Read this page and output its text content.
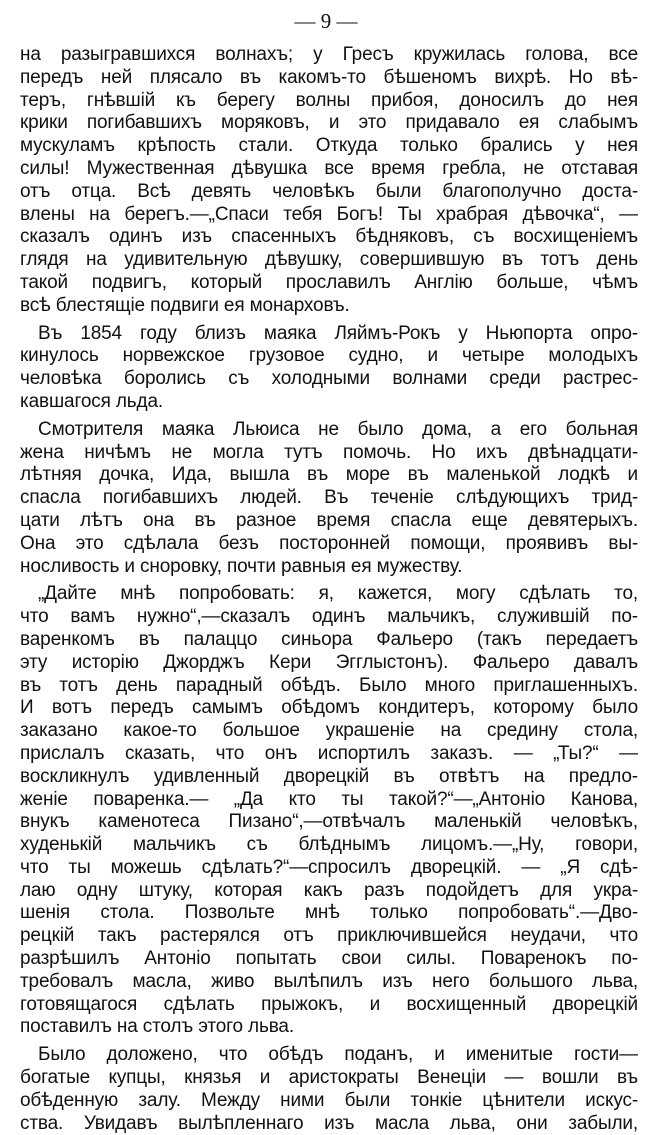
— 9 —
на разыгравшихся волнахъ; у Гресъ кружилась голова, все
передъ ней плясало въ какомъ-то бѣшеномъ вихрѣ. Но вѣ-
теръ, гнѣвшій къ берегу волны прибоя, доносилъ до нея
крики погибавшихъ моряковъ, и это придавало ея слабымъ
мускуламъ крѣпость стали. Откуда только брались у нея
силы! Мужественная дѣвушка все время гребла, не отставая
отъ отца. Всѣ девять человѣкъ были благополучно доста-
влены на берегъ.—„Спаси тебя Богъ! Ты храбрая дѣвочка“, —
сказалъ одинъ изъ спасенныхъ бѣдняковъ, съ восхищеніемъ
глядя на удивительную дѣвушку, совершившую въ тотъ день
такой подвигъ, который прославилъ Англію больше, чѣмъ
всѣ блестящіе подвиги ея монарховъ.
Въ 1854 году близъ маяка Ляймъ-Рокъ у Ньюпорта опро-
кинулось норвежское грузовое судно, и четыре молодыхъ
человѣка боролись съ холодными волнами среди растрес-
кавшагося льда.
Смотрителя маяка Льюиса не было дома, а его больная
жена ничѣмъ не могла тутъ помочь. Но ихъ двѣнадцати-
лѣтняя дочка, Ида, вышла въ море въ маленькой лодкѣ и
спасла погибавшихъ людей. Въ теченіе слѣдующихъ трид-
цати лѣтъ она въ разное время спасла еще девятерыхъ.
Она это сдѣлала безъ посторонней помощи, проявивъ вы-
носливость и сноровку, почти равныя ея мужеству.
„Дайте мнѣ попробовать: я, кажется, могу сдѣлать то,
что вамъ нужно“,—сказалъ одинъ мальчикъ, служившій по-
варенкомъ въ палаццо синьора Фальеро (такъ передаетъ
эту исторію Джорджъ Кери Эгглыстонъ). Фальеро давалъ
въ тотъ день парадный обѣдъ. Было много приглашенныхъ.
И вотъ передъ самымъ обѣдомъ кондитеръ, которому было
заказано какое-то большое украшеніе на средину стола,
прислалъ сказать, что онъ испортилъ заказъ. — „Ты?“ —
воскликнулъ удивленный дворецкій въ отвѣтъ на предло-
женіе поваренка.— „Да кто ты такой?“—„Антоніо Канова,
внукъ каменотеса Пизано“,—отвѣчалъ маленькій человѣкъ,
худенькій мальчикъ съ блѣднымъ лицомъ.—„Ну, говори,
что ты можешь сдѣлать?“—спросилъ дворецкій. — „Я сдѣ-
лаю одну штуку, которая какъ разъ подойдетъ для укра-
шенія стола. Позвольте мнѣ только попробовать“.—Дво-
рецкій такъ растерялся отъ приключившейся неудачи, что
разрѣшилъ Антоніо попытать свои силы. Поваренокъ по-
требовалъ масла, живо вылѣпилъ изъ него большого льва,
готовящагося сдѣлать прыжокъ, и восхищенный дворецкій
поставилъ на столъ этого льва.
Было доложено, что обѣдъ поданъ, и именитые гости—
богатые купцы, князья и аристократы Венеціи — вошли въ
обѣденную залу. Между ними были тонкіе цѣнители искус-
ства. Увидавъ вылѣпленнаго изъ масла льва, они забыли,
